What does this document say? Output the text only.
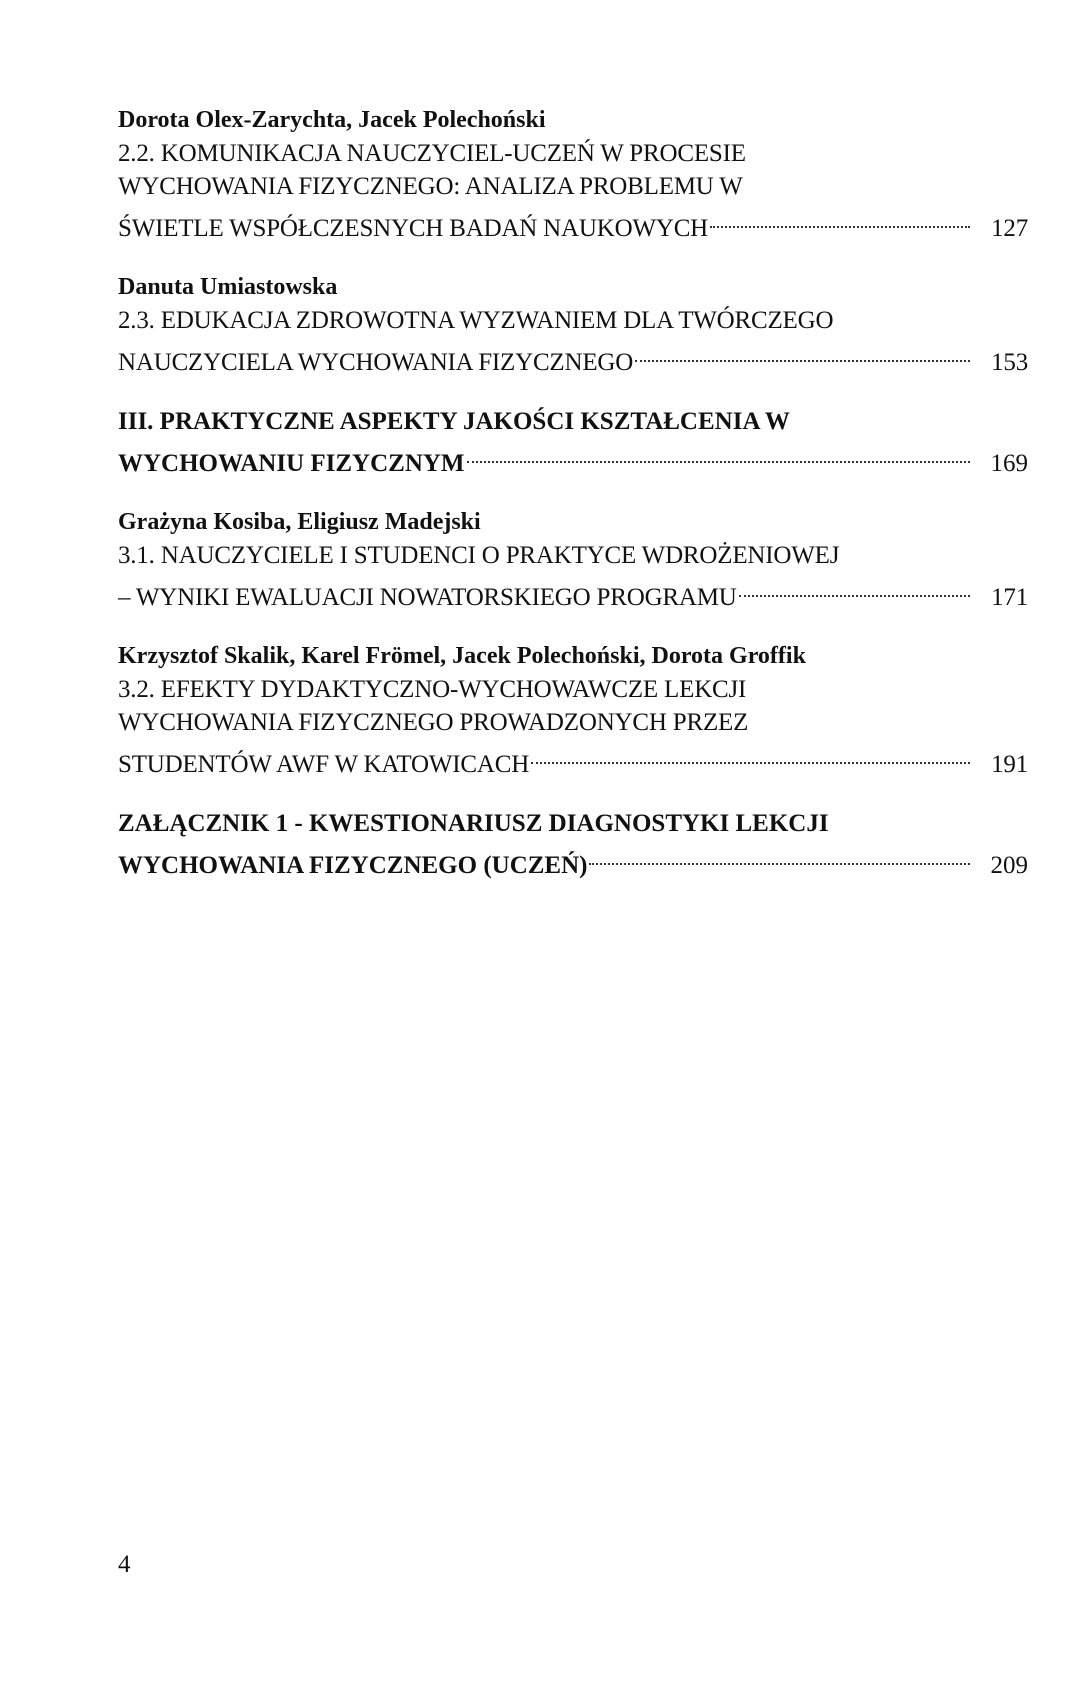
Dorota Olex-Zarychta, Jacek Polechoński
2.2. KOMUNIKACJA NAUCZYCIEL-UCZEŃ W PROCESIE
WYCHOWANIA FIZYCZNEGO: ANALIZA PROBLEMU W
ŚWIETLE WSPÓŁCZESNYCH BADAŃ NAUKOWYCH	127
Danuta Umiastowska
2.3. EDUKACJA ZDROWOTNA WYZWANIEM DLA TWÓRCZEGO
NAUCZYCIELA WYCHOWANIA FIZYCZNEGO	153
III. PRAKTYCZNE ASPEKTY JAKOŚCI KSZTAŁCENIA W
WYCHOWANIU FIZYCZNYM	169
Grażyna Kosiba, Eligiusz Madejski
3.1. NAUCZYCIELE I STUDENCI O PRAKTYCE WDROŻENIOWEJ
– WYNIKI EWALUACJI NOWATORSKIEGO PROGRAMU	171
Krzysztof Skalik, Karel Frömel, Jacek Polechoński, Dorota Groffik
3.2. EFEKTY DYDAKTYCZNO-WYCHOWAWCZE LEKCJI
WYCHOWANIA FIZYCZNEGO PROWADZONYCH PRZEZ
STUDENTÓW AWF W KATOWICACH	191
ZAŁĄCZNIK 1 - KWESTIONARIUSZ DIAGNOSTYKI LEKCJI
WYCHOWANIA FIZYCZNEGO (UCZEŃ)	209
4
